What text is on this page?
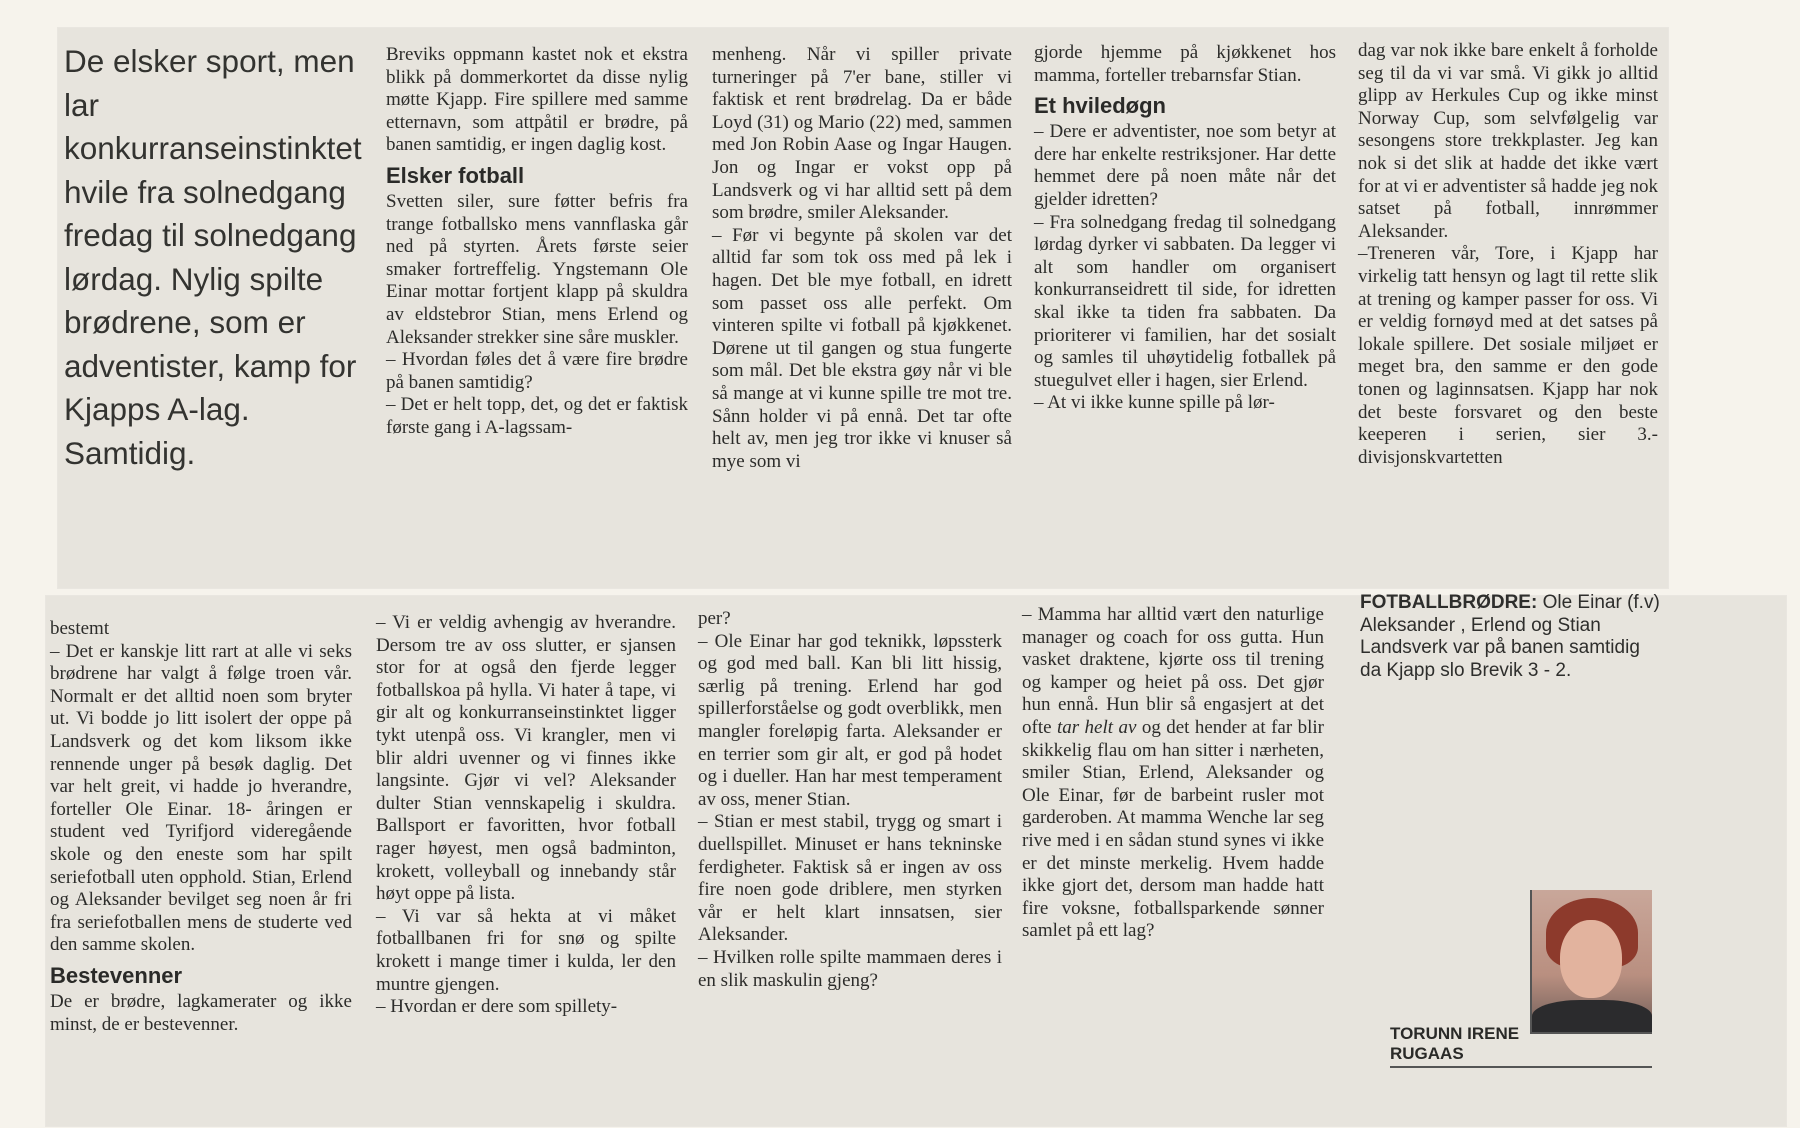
De elsker sport, men lar konkurranseinstinktet hvile fra solnedgang fredag til solnedgang lørdag. Nylig spilte brødrene, som er adventister, kamp for Kjapps A-lag. Samtidig.

Breviks oppmann kastet nok et ekstra blikk på dommerkortet da disse nylig møtte Kjapp. Fire spillere med samme etternavn, som attpåtil er brødre, på banen samtidig, er ingen daglig kost.

Elsker fotball

Svetten siler, sure føtter befris fra trange fotballsko mens vannflaska går ned på styrten. Årets første seier smaker fortreffelig. Yngstemann Ole Einar mottar fortjent klapp på skuldra av eldstebror Stian, mens Erlend og Aleksander strekker sine såre muskler.

– Hvordan føles det å være fire brødre på banen samtidig?

– Det er helt topp, det, og det er faktisk første gang i A-lagssam-

menheng. Når vi spiller private turneringer på 7'er bane, stiller vi faktisk et rent brødrelag. Da er både Loyd (31) og Mario (22) med, sammen med Jon Robin Aase og Ingar Haugen. Jon og Ingar er vokst opp på Landsverk og vi har alltid sett på dem som brødre, smiler Aleksander.

– Før vi begynte på skolen var det alltid far som tok oss med på lek i hagen. Det ble mye fotball, en idrett som passet oss alle perfekt. Om vinteren spilte vi fotball på kjøkkenet. Dørene ut til gangen og stua fungerte som mål. Det ble ekstra gøy når vi ble så mange at vi kunne spille tre mot tre. Sånn holder vi på ennå. Det tar ofte helt av, men jeg tror ikke vi knuser så mye som vi

gjorde hjemme på kjøkkenet hos mamma, forteller trebarnsfar Stian.

Et hviledøgn

– Dere er adventister, noe som betyr at dere har enkelte restriksjoner. Har dette hemmet dere på noen måte når det gjelder idretten?

– Fra solnedgang fredag til solnedgang lørdag dyrker vi sabbaten. Da legger vi alt som handler om organisert konkurranseidrett til side, for idretten skal ikke ta tiden fra sabbaten. Da prioriterer vi familien, har det sosialt og samles til uhøytidelig fotballek på stuegulvet eller i hagen, sier Erlend.

– At vi ikke kunne spille på lør-

dag var nok ikke bare enkelt å forholde seg til da vi var små. Vi gikk jo alltid glipp av Herkules Cup og ikke minst Norway Cup, som selvfølgelig var sesongens store trekkplaster. Jeg kan nok si det slik at hadde det ikke vært for at vi er adventister så hadde jeg nok satset på fotball, innrømmer Aleksander.

–Treneren vår, Tore, i Kjapp har virkelig tatt hensyn og lagt til rette slik at trening og kamper passer for oss. Vi er veldig fornøyd med at det satses på lokale spillere. Det sosiale miljøet er meget bra, den samme er den gode tonen og laginnsatsen. Kjapp har nok det beste forsvaret og den beste keeperen i serien, sier 3.-divisjonskvartetten

bestemt

– Det er kanskje litt rart at alle vi seks brødrene har valgt å følge troen vår. Normalt er det alltid noen som bryter ut. Vi bodde jo litt isolert der oppe på Landsverk og det kom liksom ikke rennende unger på besøk daglig. Det var helt greit, vi hadde jo hverandre, forteller Ole Einar. 18- åringen er student ved Tyrifjord videregående skole og den eneste som har spilt seriefotball uten opphold. Stian, Erlend og Aleksander bevilget seg noen år fri fra seriefotballen mens de studerte ved den samme skolen.

Bestevenner

De er brødre, lagkamerater og ikke minst, de er bestevenner.

– Vi er veldig avhengig av hverandre. Dersom tre av oss slutter, er sjansen stor for at også den fjerde legger fotballskoa på hylla. Vi hater å tape, vi gir alt og konkurranseinstinktet ligger tykt utenpå oss. Vi krangler, men vi blir aldri uvenner og vi finnes ikke langsinte. Gjør vi vel? Aleksander dulter Stian vennskapelig i skuldra. Ballsport er favoritten, hvor fotball rager høyest, men også badminton, krokett, volleyball og innebandy står høyt oppe på lista.

– Vi var så hekta at vi måket fotballbanen fri for snø og spilte krokett i mange timer i kulda, ler den muntre gjengen.

– Hvordan er dere som spillety-

per?

– Ole Einar har god teknikk, løpssterk og god med ball. Kan bli litt hissig, særlig på trening. Erlend har god spillerforståelse og godt overblikk, men mangler foreløpig farta. Aleksander er en terrier som gir alt, er god på hodet og i dueller. Han har mest temperament av oss, mener Stian.

– Stian er mest stabil, trygg og smart i duellspillet. Minuset er hans tekninske ferdigheter. Faktisk så er ingen av oss fire noen gode driblere, men styrken vår er helt klart innsatsen, sier Aleksander.

– Hvilken rolle spilte mammaen deres i en slik maskulin gjeng?

– Mamma har alltid vært den naturlige manager og coach for oss gutta. Hun vasket draktene, kjørte oss til trening og kamper og heiet på oss. Det gjør hun ennå. Hun blir så engasjert at det ofte tar helt av og det hender at far blir skikkelig flau om han sitter i nærheten, smiler Stian, Erlend, Aleksander og Ole Einar, før de barbeint rusler mot garderoben. At mamma Wenche lar seg rive med i en sådan stund synes vi ikke er det minste merkelig. Hvem hadde ikke gjort det, dersom man hadde hatt fire voksne, fotballsparkende sønner samlet på ett lag?

FOTBALLBRØDRE: Ole Einar (f.v) Aleksander , Erlend og Stian Landsverk var på banen samtidig da Kjapp slo Brevik 3 - 2.

TORUNN IRENE RUGAAS
